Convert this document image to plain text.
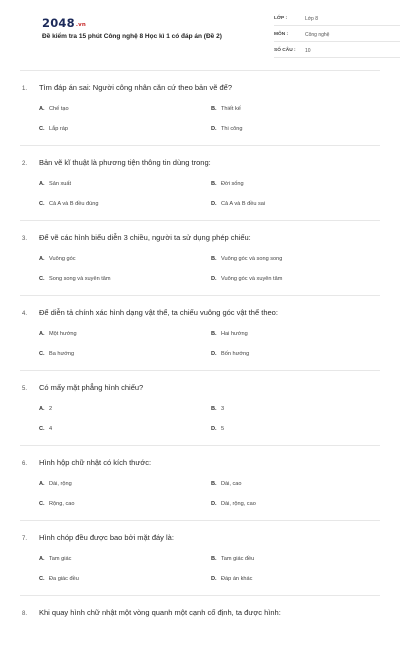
2048.vn
Đề kiểm tra 15 phút Công nghệ 8 Học kì 1 có đáp án (Đề 2)
LỚP :	Lớp 8
MÔN :	Công nghệ
SỐ CÂU :	10
1. Tìm đáp án sai: Người công nhân căn cứ theo bản vẽ để?
A. Chế tạo	B. Thiết kế
C. Lắp ráp	D. Thi công
2. Bản vẽ kĩ thuật là phương tiện thông tin dùng trong:
A. Sản xuất	B. Đời sống
C. Cả A và B đều đúng	D. Cả A và B đều sai
3. Để vẽ các hình biểu diễn 3 chiều, người ta sử dụng phép chiếu:
A. Vuông góc	B. Vuông góc và song song
C. Song song và xuyên tâm	D. Vuông góc và xuyên tâm
4. Để diễn tả chính xác hình dạng vật thể, ta chiếu vuông góc vật thể theo:
A. Một hướng	B. Hai hướng
C. Ba hướng	D. Bốn hướng
5. Có mấy mặt phẳng hình chiếu?
A. 2	B. 3
C. 4	D. 5
6. Hình hộp chữ nhật có kích thước:
A. Dài, rộng	B. Dài, cao
C. Rộng, cao	D. Dài, rộng, cao
7. Hình chóp đều được bao bởi mặt đáy là:
A. Tam giác	B. Tam giác đều
C. Đa giác đều	D. Đáp án khác
8. Khi quay hình chữ nhật một vòng quanh một cạnh cố định, ta được hình:
